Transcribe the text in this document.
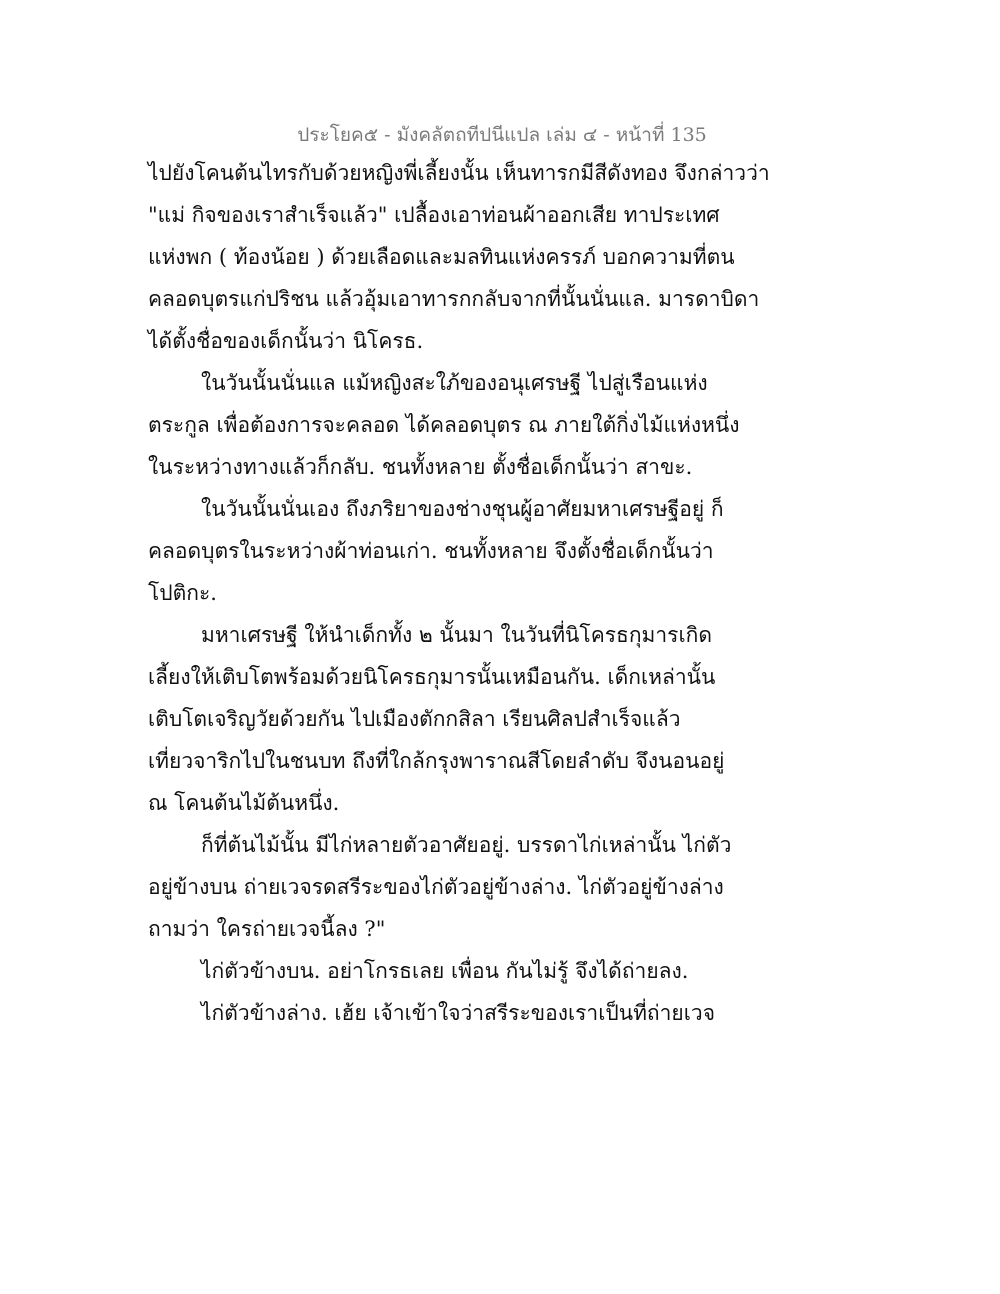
ประโยค๕ - มังคลัตถทีปนีแปล เล่ม ๔ - หน้าที่ 135
ไปยังโคนต้นไทรกับด้วยหญิงพี่เลี้ยงนั้น เห็นทารกมีสีดังทอง จึงกล่าวว่า
"แม่ กิจของเราสำเร็จแล้ว" เปลื้องเอาท่อนผ้าออกเสีย ทาประเทศ
แห่งพก ( ท้องน้อย ) ด้วยเลือดและมลทินแห่งครรภ์ บอกความที่ตน
คลอดบุตรแก่ปริชน แล้วอุ้มเอาทารกกลับจากที่นั้นนั่นแล. มารดาบิดา
ได้ตั้งชื่อของเด็กนั้นว่า นิโครธ.
ในวันนั้นนั่นแล แม้หญิงสะใภ้ของอนุเศรษฐี ไปสู่เรือนแห่ง
ตระกูล เพื่อต้องการจะคลอด ได้คลอดบุตร ณ ภายใต้กิ่งไม้แห่งหนึ่ง
ในระหว่างทางแล้วก็กลับ. ชนทั้งหลาย ตั้งชื่อเด็กนั้นว่า สาขะ.
ในวันนั้นนั่นเอง ถึงภริยาของช่างชุนผู้อาศัยมหาเศรษฐีอยู่ ก็
คลอดบุตรในระหว่างผ้าท่อนเก่า. ชนทั้งหลาย จึงตั้งชื่อเด็กนั้นว่า
โปติกะ.
มหาเศรษฐี ให้นำเด็กทั้ง ๒ นั้นมา ในวันที่นิโครธกุมารเกิด
เลี้ยงให้เติบโตพร้อมด้วยนิโครธกุมารนั้นเหมือนกัน. เด็กเหล่านั้น
เติบโตเจริญวัยด้วยกัน ไปเมืองตักกสิลา เรียนศิลปสำเร็จแล้ว
เที่ยวจาริกไปในชนบท ถึงที่ใกล้กรุงพาราณสีโดยลำดับ จึงนอนอยู่
ณ โคนต้นไม้ต้นหนึ่ง.
ก็ที่ต้นไม้นั้น มีไก่หลายตัวอาศัยอยู่. บรรดาไก่เหล่านั้น ไก่ตัว
อยู่ข้างบน ถ่ายเวจรดสรีระของไก่ตัวอยู่ข้างล่าง. ไก่ตัวอยู่ข้างล่าง
ถามว่า ใครถ่ายเวจนี้ลง ?"
ไก่ตัวข้างบน. อย่าโกรธเลย เพื่อน กันไม่รู้ จึงได้ถ่ายลง.
ไก่ตัวข้างล่าง. เฮ้ย เจ้าเข้าใจว่าสรีระของเราเป็นที่ถ่ายเวจ
